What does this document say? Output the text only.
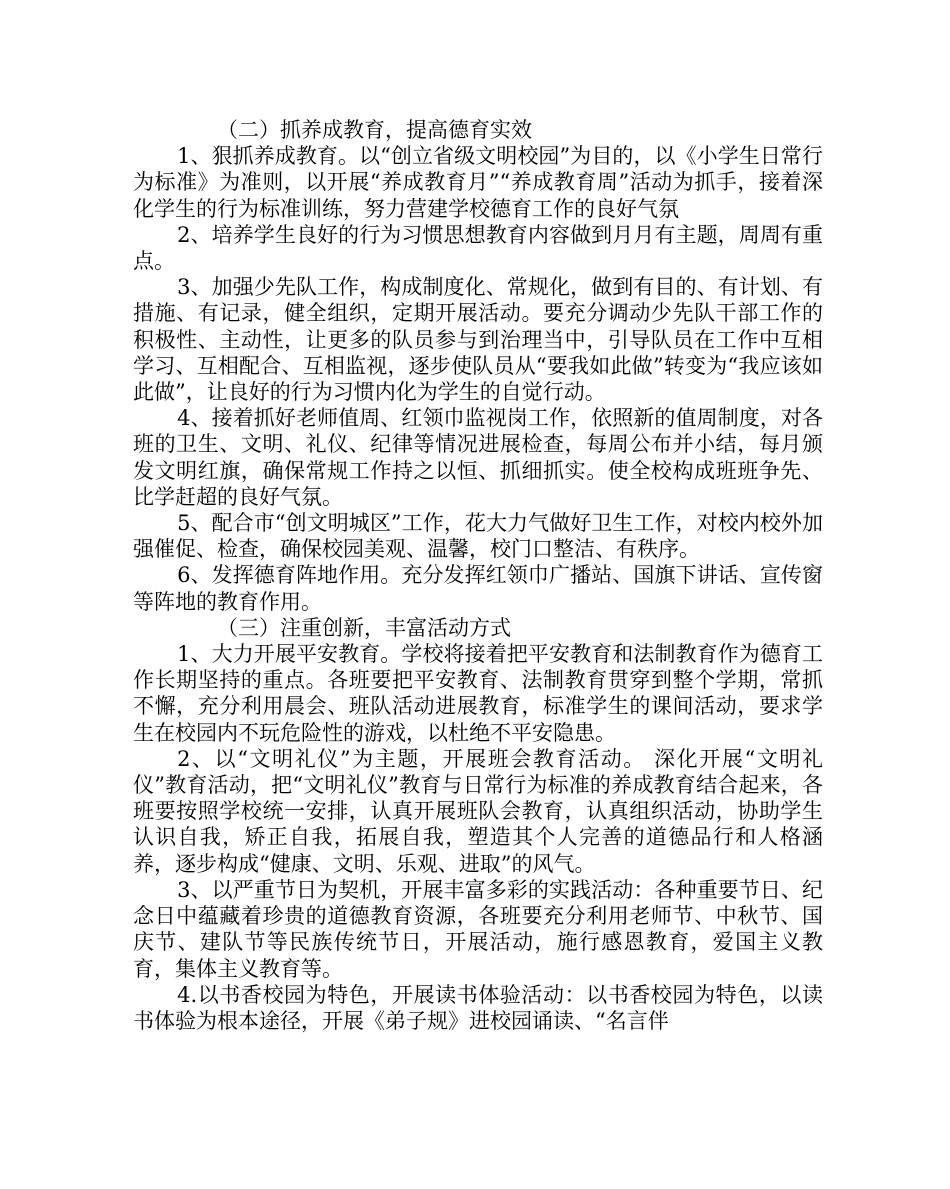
（二）抓养成教育，提高德育实效

1、狠抓养成教育。以“创立省级文明校园”为目的，以《小学生日常行为标准》为准则，以开展“养成教育月”“养成教育周”活动为抓手，接着深化学生的行为标准训练，努力营建学校德育工作的良好气氛

2、培养学生良好的行为习惯思想教育内容做到月月有主题，周周有重点。

3、加强少先队工作，构成制度化、常规化，做到有目的、有计划、有措施、有记录，健全组织，定期开展活动。要充分调动少先队干部工作的积极性、主动性，让更多的队员参与到治理当中，引导队员在工作中互相学习、互相配合、互相监视，逐步使队员从“要我如此做”转变为“我应该如此做”，让良好的行为习惯内化为学生的自觉行动。

4、接着抓好老师值周、红领巾监视岗工作，依照新的值周制度，对各班的卫生、文明、礼仪、纪律等情况进展检查，每周公布并小结，每月颁发文明红旗，确保常规工作持之以恒、抓细抓实。使全校构成班班争先、比学赶超的良好气氛。

5、配合市“创文明城区”工作，花大力气做好卫生工作，对校内校外加强催促、检查，确保校园美观、温馨，校门口整洁、有秩序。

6、发挥德育阵地作用。充分发挥红领巾广播站、国旗下讲话、宣传窗等阵地的教育作用。

（三）注重创新，丰富活动方式

1、大力开展平安教育。学校将接着把平安教育和法制教育作为德育工作长期坚持的重点。各班要把平安教育、法制教育贯穿到整个学期，常抓不懈，充分利用晨会、班队活动进展教育，标准学生的课间活动，要求学生在校园内不玩危险性的游戏，以杜绝不平安隐患。

2、以“文明礼仪”为主题，开展班会教育活动。 深化开展“文明礼仪”教育活动，把“文明礼仪”教育与日常行为标准的养成教育结合起来，各班要按照学校统一安排，认真开展班队会教育，认真组织活动，协助学生认识自我，矫正自我，拓展自我，塑造其个人完善的道德品行和人格涵养，逐步构成“健康、文明、乐观、进取”的风气。

3、以严重节日为契机，开展丰富多彩的实践活动：各种重要节日、纪念日中蕴藏着珍贵的道德教育资源，各班要充分利用老师节、中秋节、国庆节、建队节等民族传统节日，开展活动，施行感恩教育，爱国主义教育，集体主义教育等。

4.以书香校园为特色，开展读书体验活动：以书香校园为特色，以读书体验为根本途径，开展《弟子规》进校园诵读、“名言伴
